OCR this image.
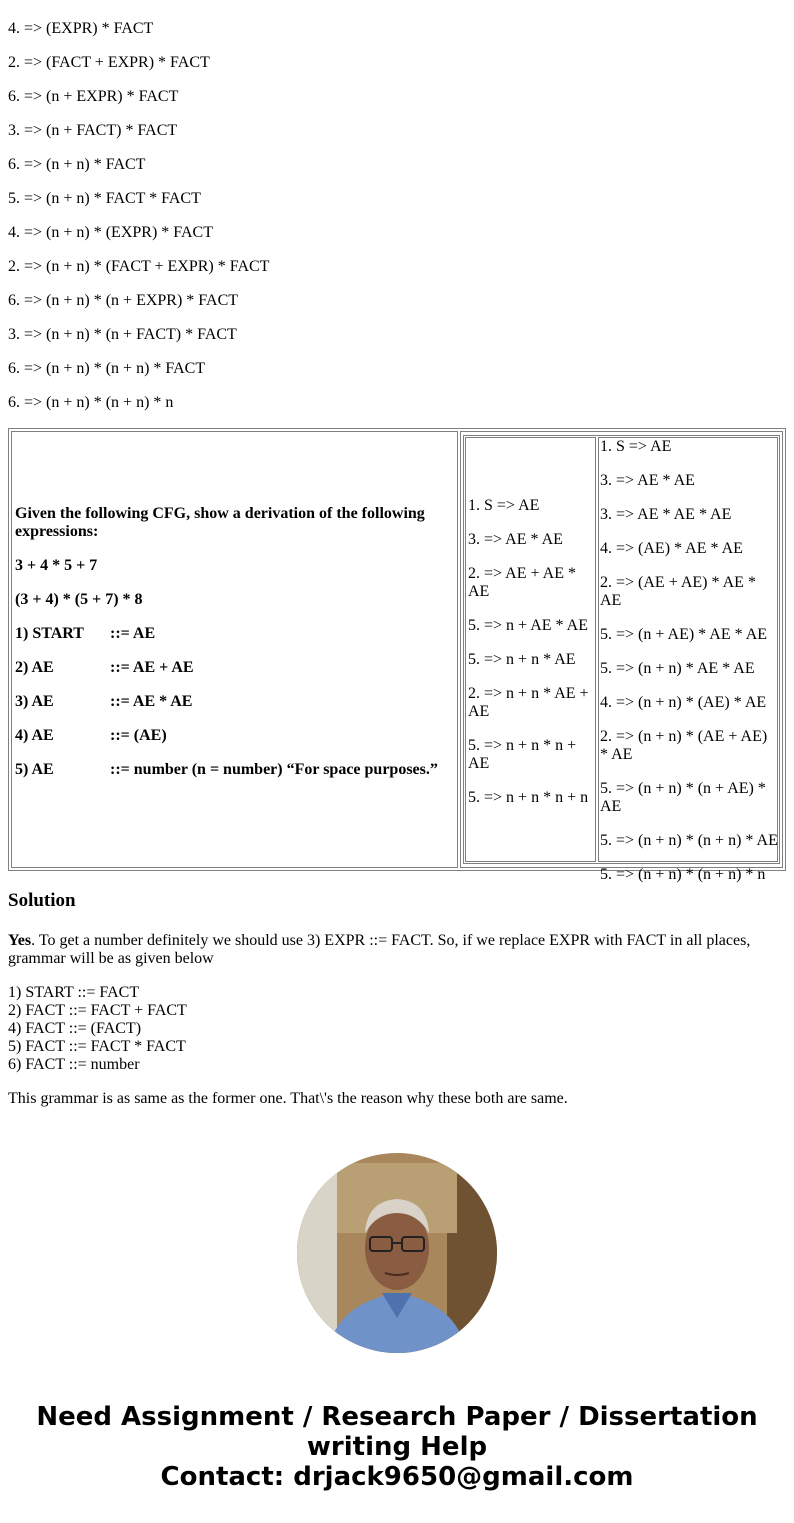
4. => (EXPR) * FACT

2. => (FACT + EXPR) * FACT

6. => (n + EXPR) * FACT

3. => (n + FACT) * FACT

6. => (n + n) * FACT

5. => (n + n) * FACT * FACT

4. => (n + n) * (EXPR) * FACT

2. => (n + n) * (FACT + EXPR) * FACT

6. => (n + n) * (n + EXPR) * FACT

3. => (n + n) * (n + FACT) * FACT

6. => (n + n) * (n + n) * FACT

6. => (n + n) * (n + n) * n

Given the following CFG, show a derivation of the following expressions:

3 + 4 * 5 + 7

(3 + 4) * (5 + 7) * 8

1) START	::= AE
2) AE	::= AE + AE
3) AE	::= AE * AE
4) AE	::= (AE)
5) AE	::= number (n = number) “For space purposes.”

1. S => AE

3. => AE * AE

2. => AE + AE * AE

5. => n + AE * AE

5. => n + n * AE

2. => n + n * AE + AE

5. => n + n * n + AE

5. => n + n * n + n

1. S => AE

3. => AE * AE

3. => AE * AE * AE

4. => (AE) * AE * AE

2. => (AE + AE) * AE * AE

5. => (n + AE) * AE * AE

5. => (n + n) * AE * AE

4. => (n + n) * (AE) * AE

2. => (n + n) * (AE + AE) * AE

5. => (n + n) * (n + AE) * AE

5. => (n + n) * (n + n) * AE

5. => (n + n) * (n + n) * n

Solution

Yes. To get a number definitely we should use 3) EXPR ::= FACT. So, if we replace EXPR with FACT in all places, grammar will be as given below

1) START ::= FACT
2) FACT ::= FACT + FACT
4) FACT ::= (FACT)
5) FACT ::= FACT * FACT
6) FACT ::= number

This grammar is as same as the former one. That\'s the reason why these both are same.

Need Assignment / Research Paper / Dissertation
writing Help
Contact: drjack9650@gmail.com
